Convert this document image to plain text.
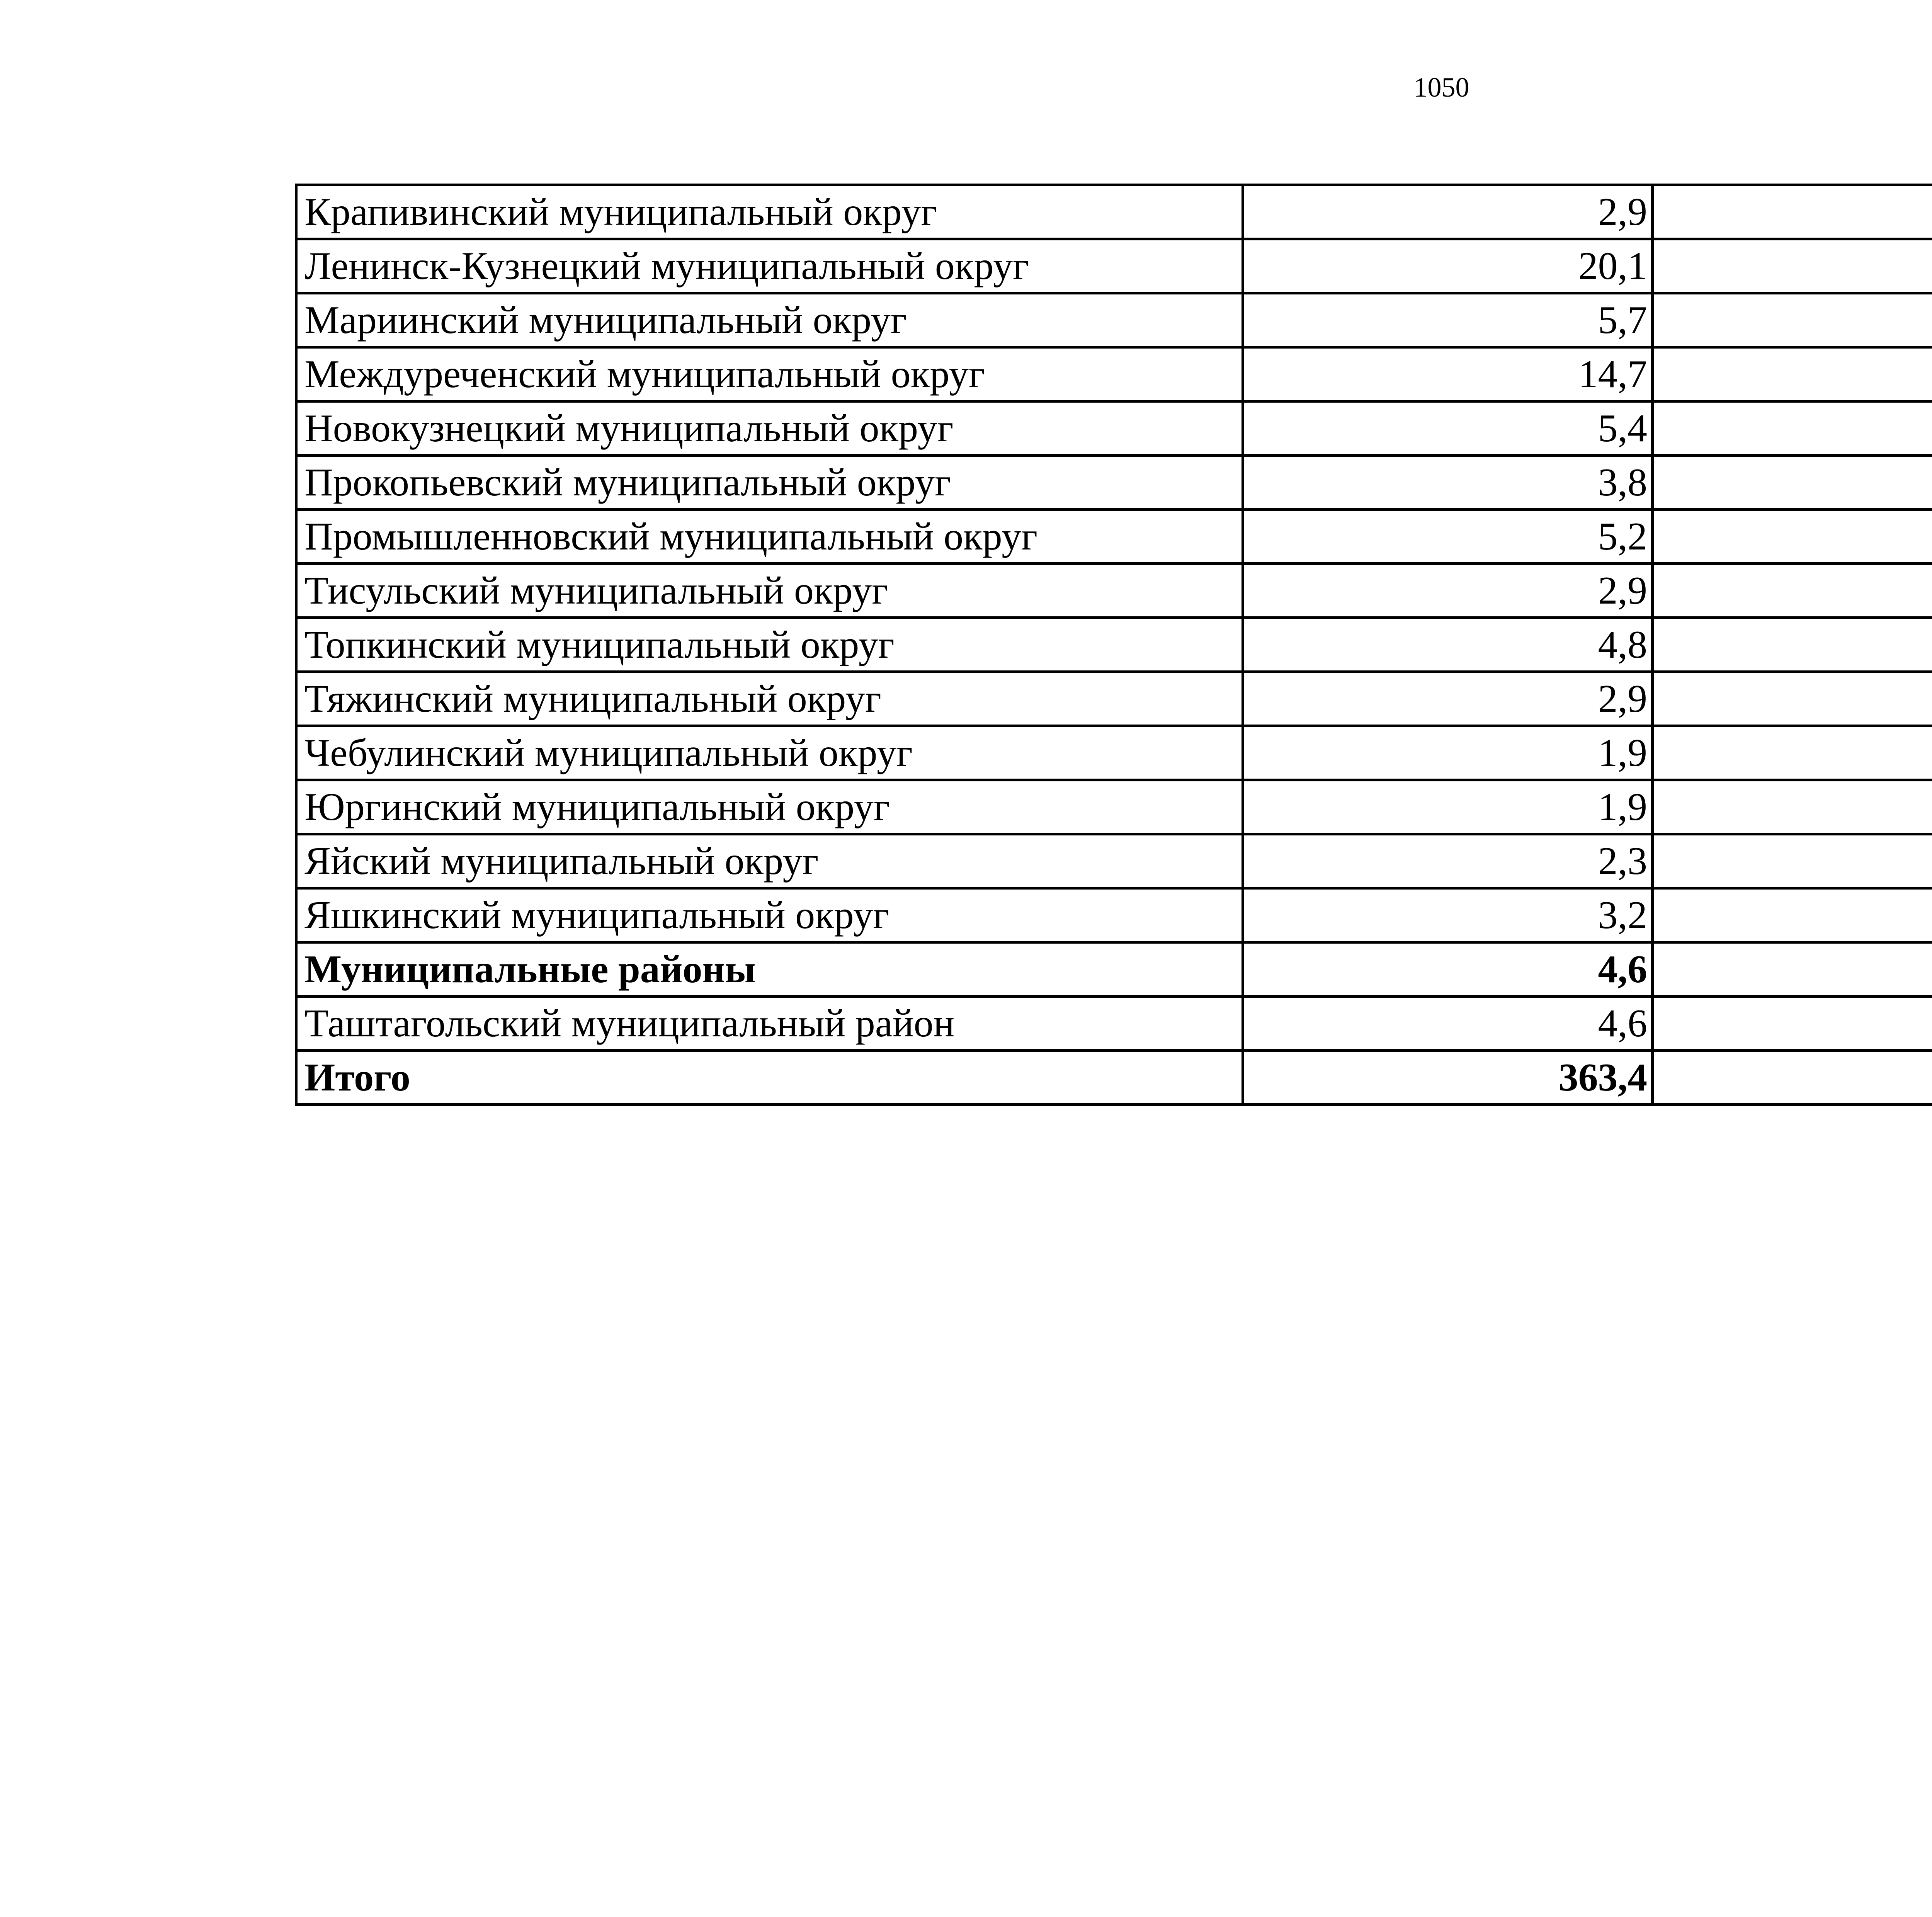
1050
Крапивинский муниципальный округ	2,9		
Ленинск-Кузнецкий муниципальный округ	20,1		
Мариинский муниципальный округ	5,7		
Междуреченский муниципальный округ	14,7		
Новокузнецкий муниципальный округ	5,4		
Прокопьевский муниципальный округ	3,8		
Промышленновский муниципальный округ	5,2		
Тисульский муниципальный округ	2,9		
Топкинский муниципальный округ	4,8		
Тяжинский муниципальный округ	2,9		
Чебулинский муниципальный округ	1,9		
Юргинский муниципальный округ	1,9		
Яйский муниципальный округ	2,3		
Яшкинский муниципальный округ	3,2		
Муниципальные районы	4,6		
Таштагольский муниципальный район	4,6		
Итого	363,4		
